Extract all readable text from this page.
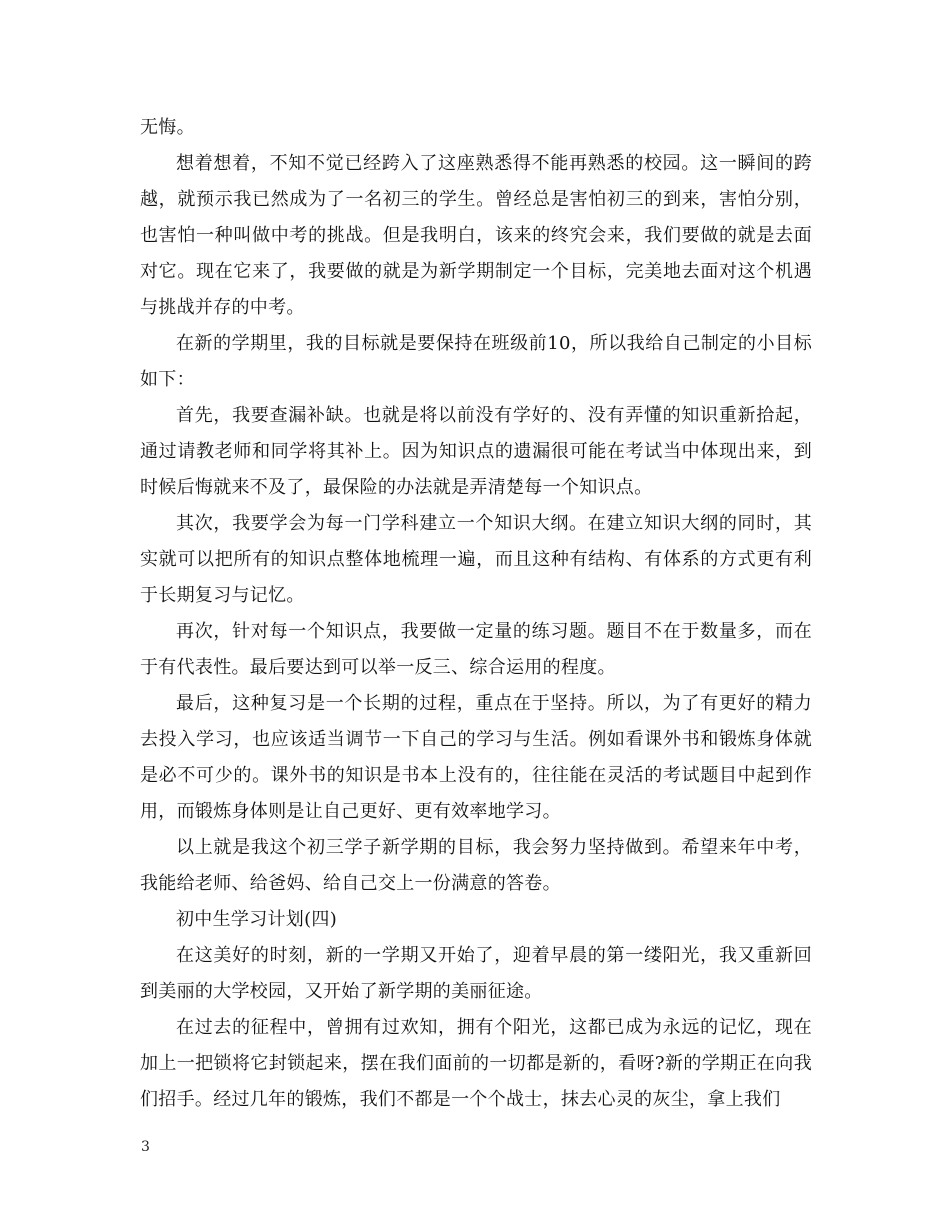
无悔。

想着想着，不知不觉已经跨入了这座熟悉得不能再熟悉的校园。这一瞬间的跨越，就预示我已然成为了一名初三的学生。曾经总是害怕初三的到来，害怕分别，也害怕一种叫做中考的挑战。但是我明白，该来的终究会来，我们要做的就是去面对它。现在它来了，我要做的就是为新学期制定一个目标，完美地去面对这个机遇与挑战并存的中考。

在新的学期里，我的目标就是要保持在班级前10，所以我给自己制定的小目标如下：

首先，我要查漏补缺。也就是将以前没有学好的、没有弄懂的知识重新拾起，通过请教老师和同学将其补上。因为知识点的遗漏很可能在考试当中体现出来，到时候后悔就来不及了，最保险的办法就是弄清楚每一个知识点。

其次，我要学会为每一门学科建立一个知识大纲。在建立知识大纲的同时，其实就可以把所有的知识点整体地梳理一遍，而且这种有结构、有体系的方式更有利于长期复习与记忆。

再次，针对每一个知识点，我要做一定量的练习题。题目不在于数量多，而在于有代表性。最后要达到可以举一反三、综合运用的程度。

最后，这种复习是一个长期的过程，重点在于坚持。所以，为了有更好的精力去投入学习，也应该适当调节一下自己的学习与生活。例如看课外书和锻炼身体就是必不可少的。课外书的知识是书本上没有的，往往能在灵活的考试题目中起到作用，而锻炼身体则是让自己更好、更有效率地学习。

以上就是我这个初三学子新学期的目标，我会努力坚持做到。希望来年中考，我能给老师、给爸妈、给自己交上一份满意的答卷。

初中生学习计划(四)

在这美好的时刻，新的一学期又开始了，迎着早晨的第一缕阳光，我又重新回到美丽的大学校园，又开始了新学期的美丽征途。

在过去的征程中，曾拥有过欢知，拥有个阳光，这都已成为永远的记忆，现在加上一把锁将它封锁起来，摆在我们面前的一切都是新的，看呀?新的学期正在向我们招手。经过几年的锻炼，我们不都是一个个战士，抹去心灵的灰尘，拿上我们

3
